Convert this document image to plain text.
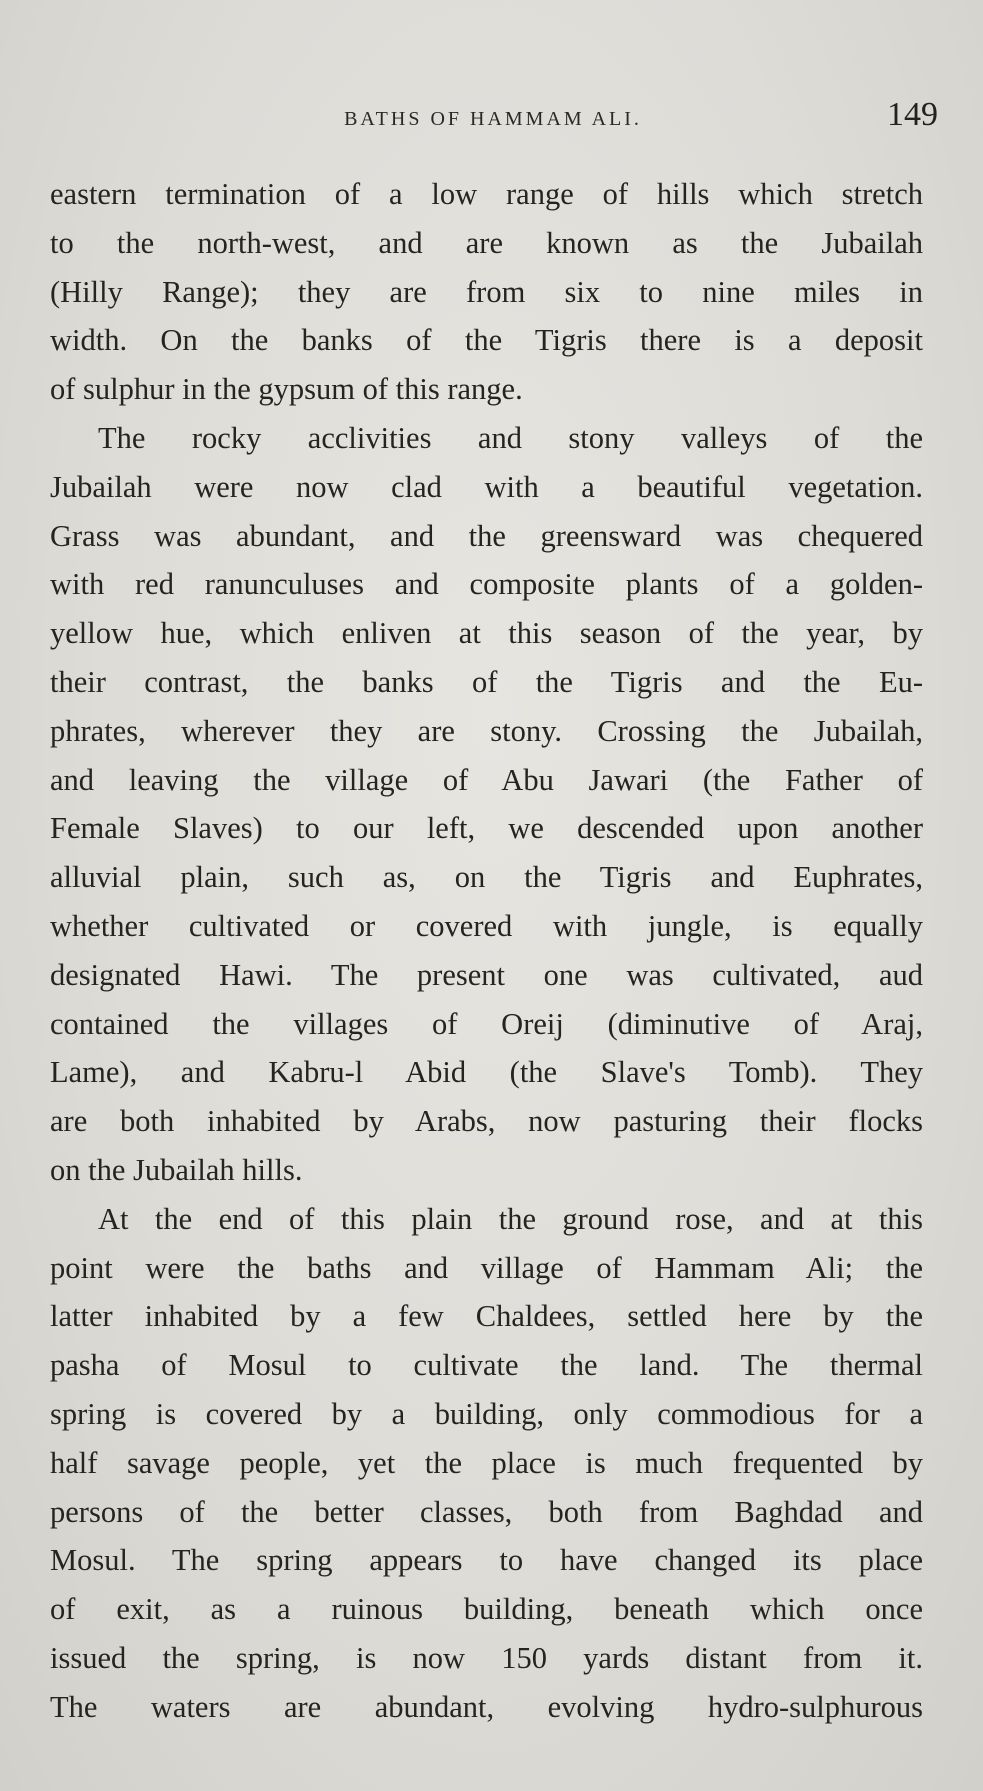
BATHS OF HAMMAM ALI.	149
eastern termination of a low range of hills which stretch
to the north-west, and are known as the Jubailah
(Hilly Range); they are from six to nine miles in
width. On the banks of the Tigris there is a deposit
of sulphur in the gypsum of this range.
The rocky acclivities and stony valleys of the
Jubailah were now clad with a beautiful vegetation.
Grass was abundant, and the greensward was chequered
with red ranunculuses and composite plants of a golden-
yellow hue, which enliven at this season of the year, by
their contrast, the banks of the Tigris and the Eu-
phrates, wherever they are stony. Crossing the Jubailah,
and leaving the village of Abu Jawari (the Father of
Female Slaves) to our left, we descended upon another
alluvial plain, such as, on the Tigris and Euphrates,
whether cultivated or covered with jungle, is equally
designated Hawi. The present one was cultivated, aud
contained the villages of Oreij (diminutive of Araj,
Lame), and Kabru-l Abid (the Slave's Tomb). They
are both inhabited by Arabs, now pasturing their flocks
on the Jubailah hills.
At the end of this plain the ground rose, and at this
point were the baths and village of Hammam Ali; the
latter inhabited by a few Chaldees, settled here by the
pasha of Mosul to cultivate the land. The thermal
spring is covered by a building, only commodious for a
half savage people, yet the place is much frequented by
persons of the better classes, both from Baghdad and
Mosul. The spring appears to have changed its place
of exit, as a ruinous building, beneath which once
issued the spring, is now 150 yards distant from it.
The waters are abundant, evolving hydro-sulphurous
